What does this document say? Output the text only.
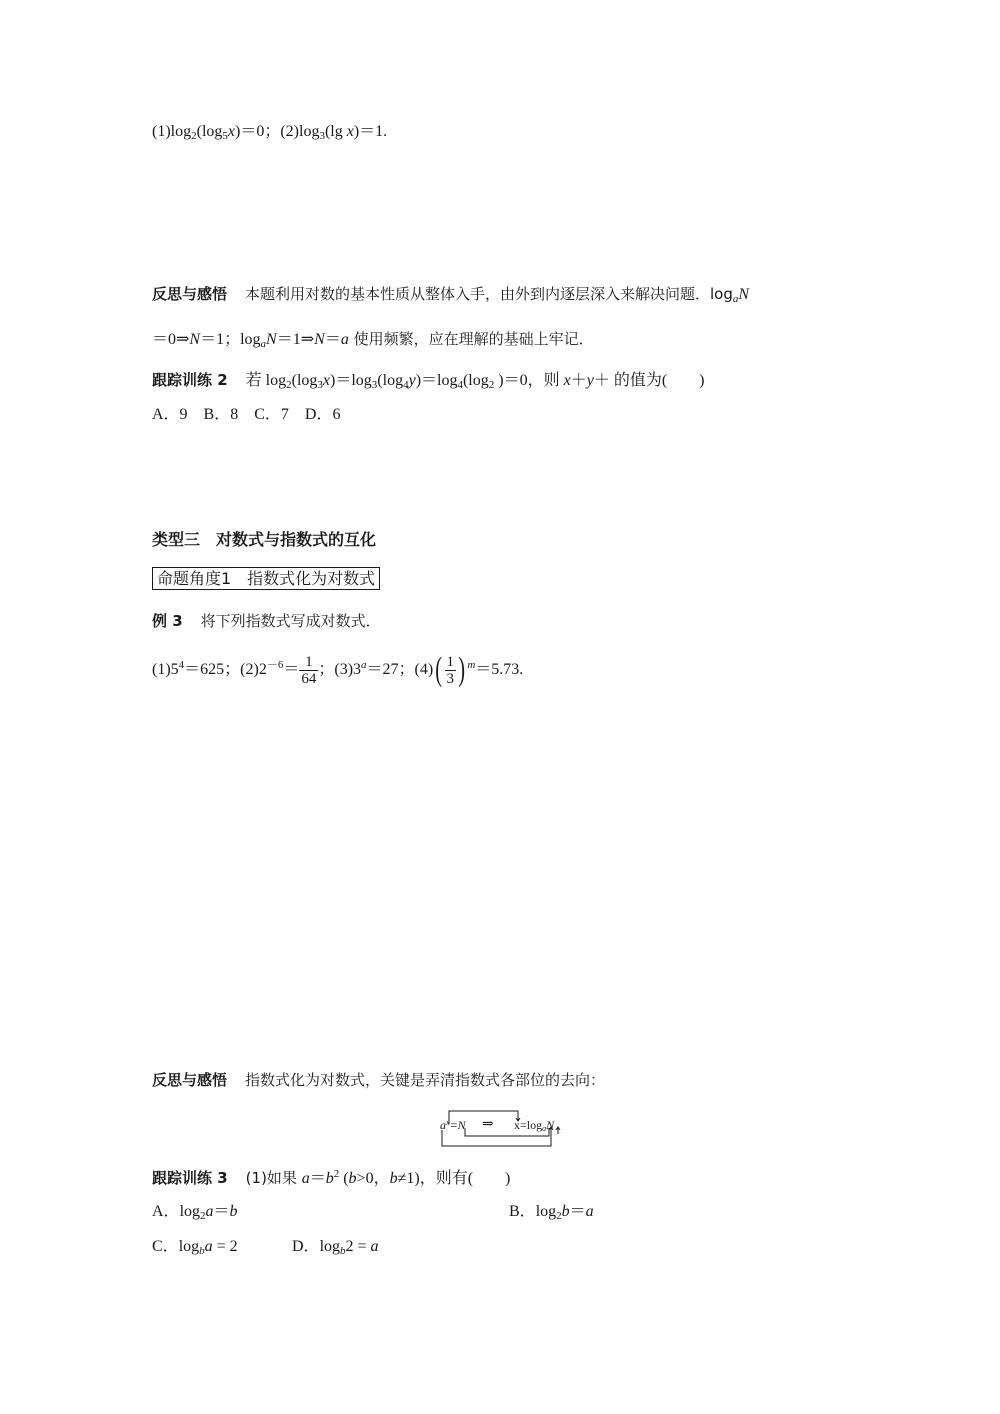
$(1)\log_2(\log_5x)=0$；$(2)\log_3(\lg$ x)＝1.
反思与感悟 本题利用对数的基本性质从整体入手，由外到内逐层深入来解决问题．$\log_aN$
＝0⇒N＝1；$\log_aN=1\Rightarrow N=a$ 使用频繁，应在理解的基础上牢记．
跟踪训练 2 若 $\log_2(\log_3x)=\log_3(\log_4y)=\log_4(\log_2$ )＝0，则 x＋y＋ 的值为(　　)
A．9　B．8　C．7　D．6
类型三　对数式与指数式的互化
命题角度1　指数式化为对数式
例 3 将下列指数式写成对数式．
$(1)5^4=625$；$(2)2^{-6}= \frac{1}{64}$ ；$(3)3^a=27$；$(4)( \frac{1}{3}$ ) $^m$＝5.73.
反思与感悟 指数式化为对数式，关键是弄清指数式各部位的去向：
$a^x=N$ ⇒ $x=\log_aN$
跟踪训练 3 (1)如果 $a=b^2$ (b>0，b≠1)，则有(　　)
A．$\log_2a=b$	B．$\log_2b=a$
C．$\log_ba = 2$	D．$\log_b2 = a$
